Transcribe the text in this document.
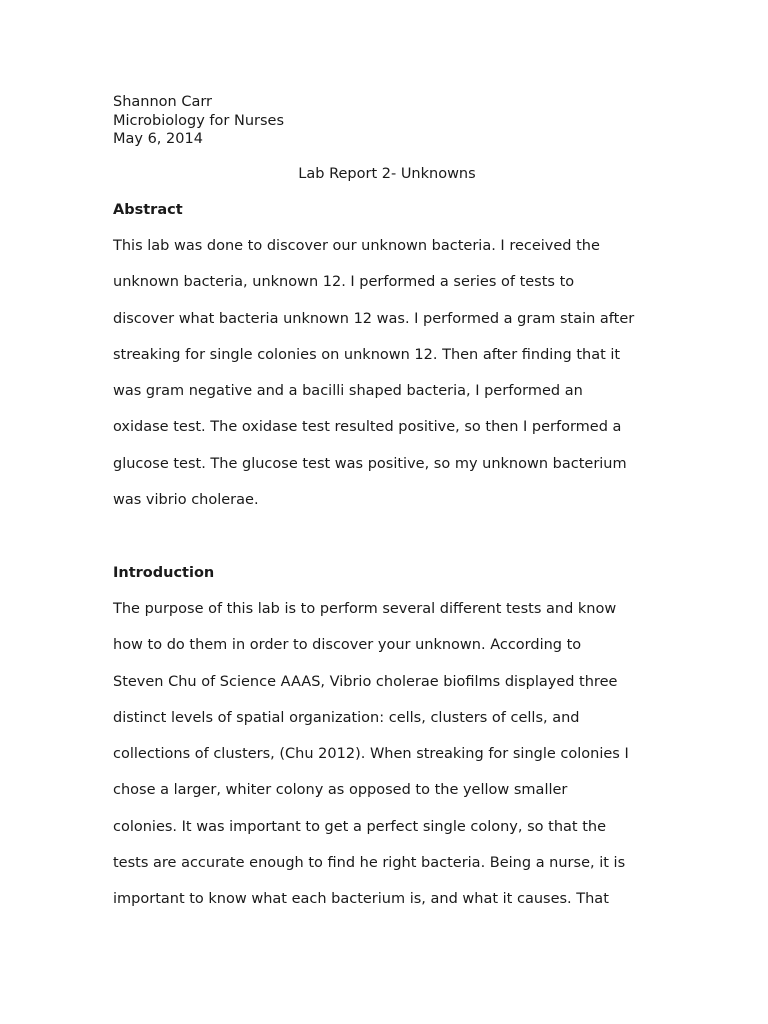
Shannon Carr
Microbiology for Nurses
May 6, 2014
Lab Report 2- Unknowns
Abstract
This lab was done to discover our unknown bacteria. I received the
unknown bacteria, unknown 12. I performed a series of tests to
discover what bacteria unknown 12 was. I performed a gram stain after
streaking for single colonies on unknown 12. Then after finding that it
was gram negative and a bacilli shaped bacteria, I performed an
oxidase test. The oxidase test resulted positive, so then I performed a
glucose test. The glucose test was positive, so my unknown bacterium
was vibrio cholerae.
Introduction
The purpose of this lab is to perform several different tests and know
how to do them in order to discover your unknown. According to
Steven Chu of Science AAAS, Vibrio cholerae biofilms displayed three
distinct levels of spatial organization: cells, clusters of cells, and
collections of clusters, (Chu 2012). When streaking for single colonies I
chose a larger, whiter colony as opposed to the yellow smaller
colonies. It was important to get a perfect single colony, so that the
tests are accurate enough to find he right bacteria. Being a nurse, it is
important to know what each bacterium is, and what it causes. That
